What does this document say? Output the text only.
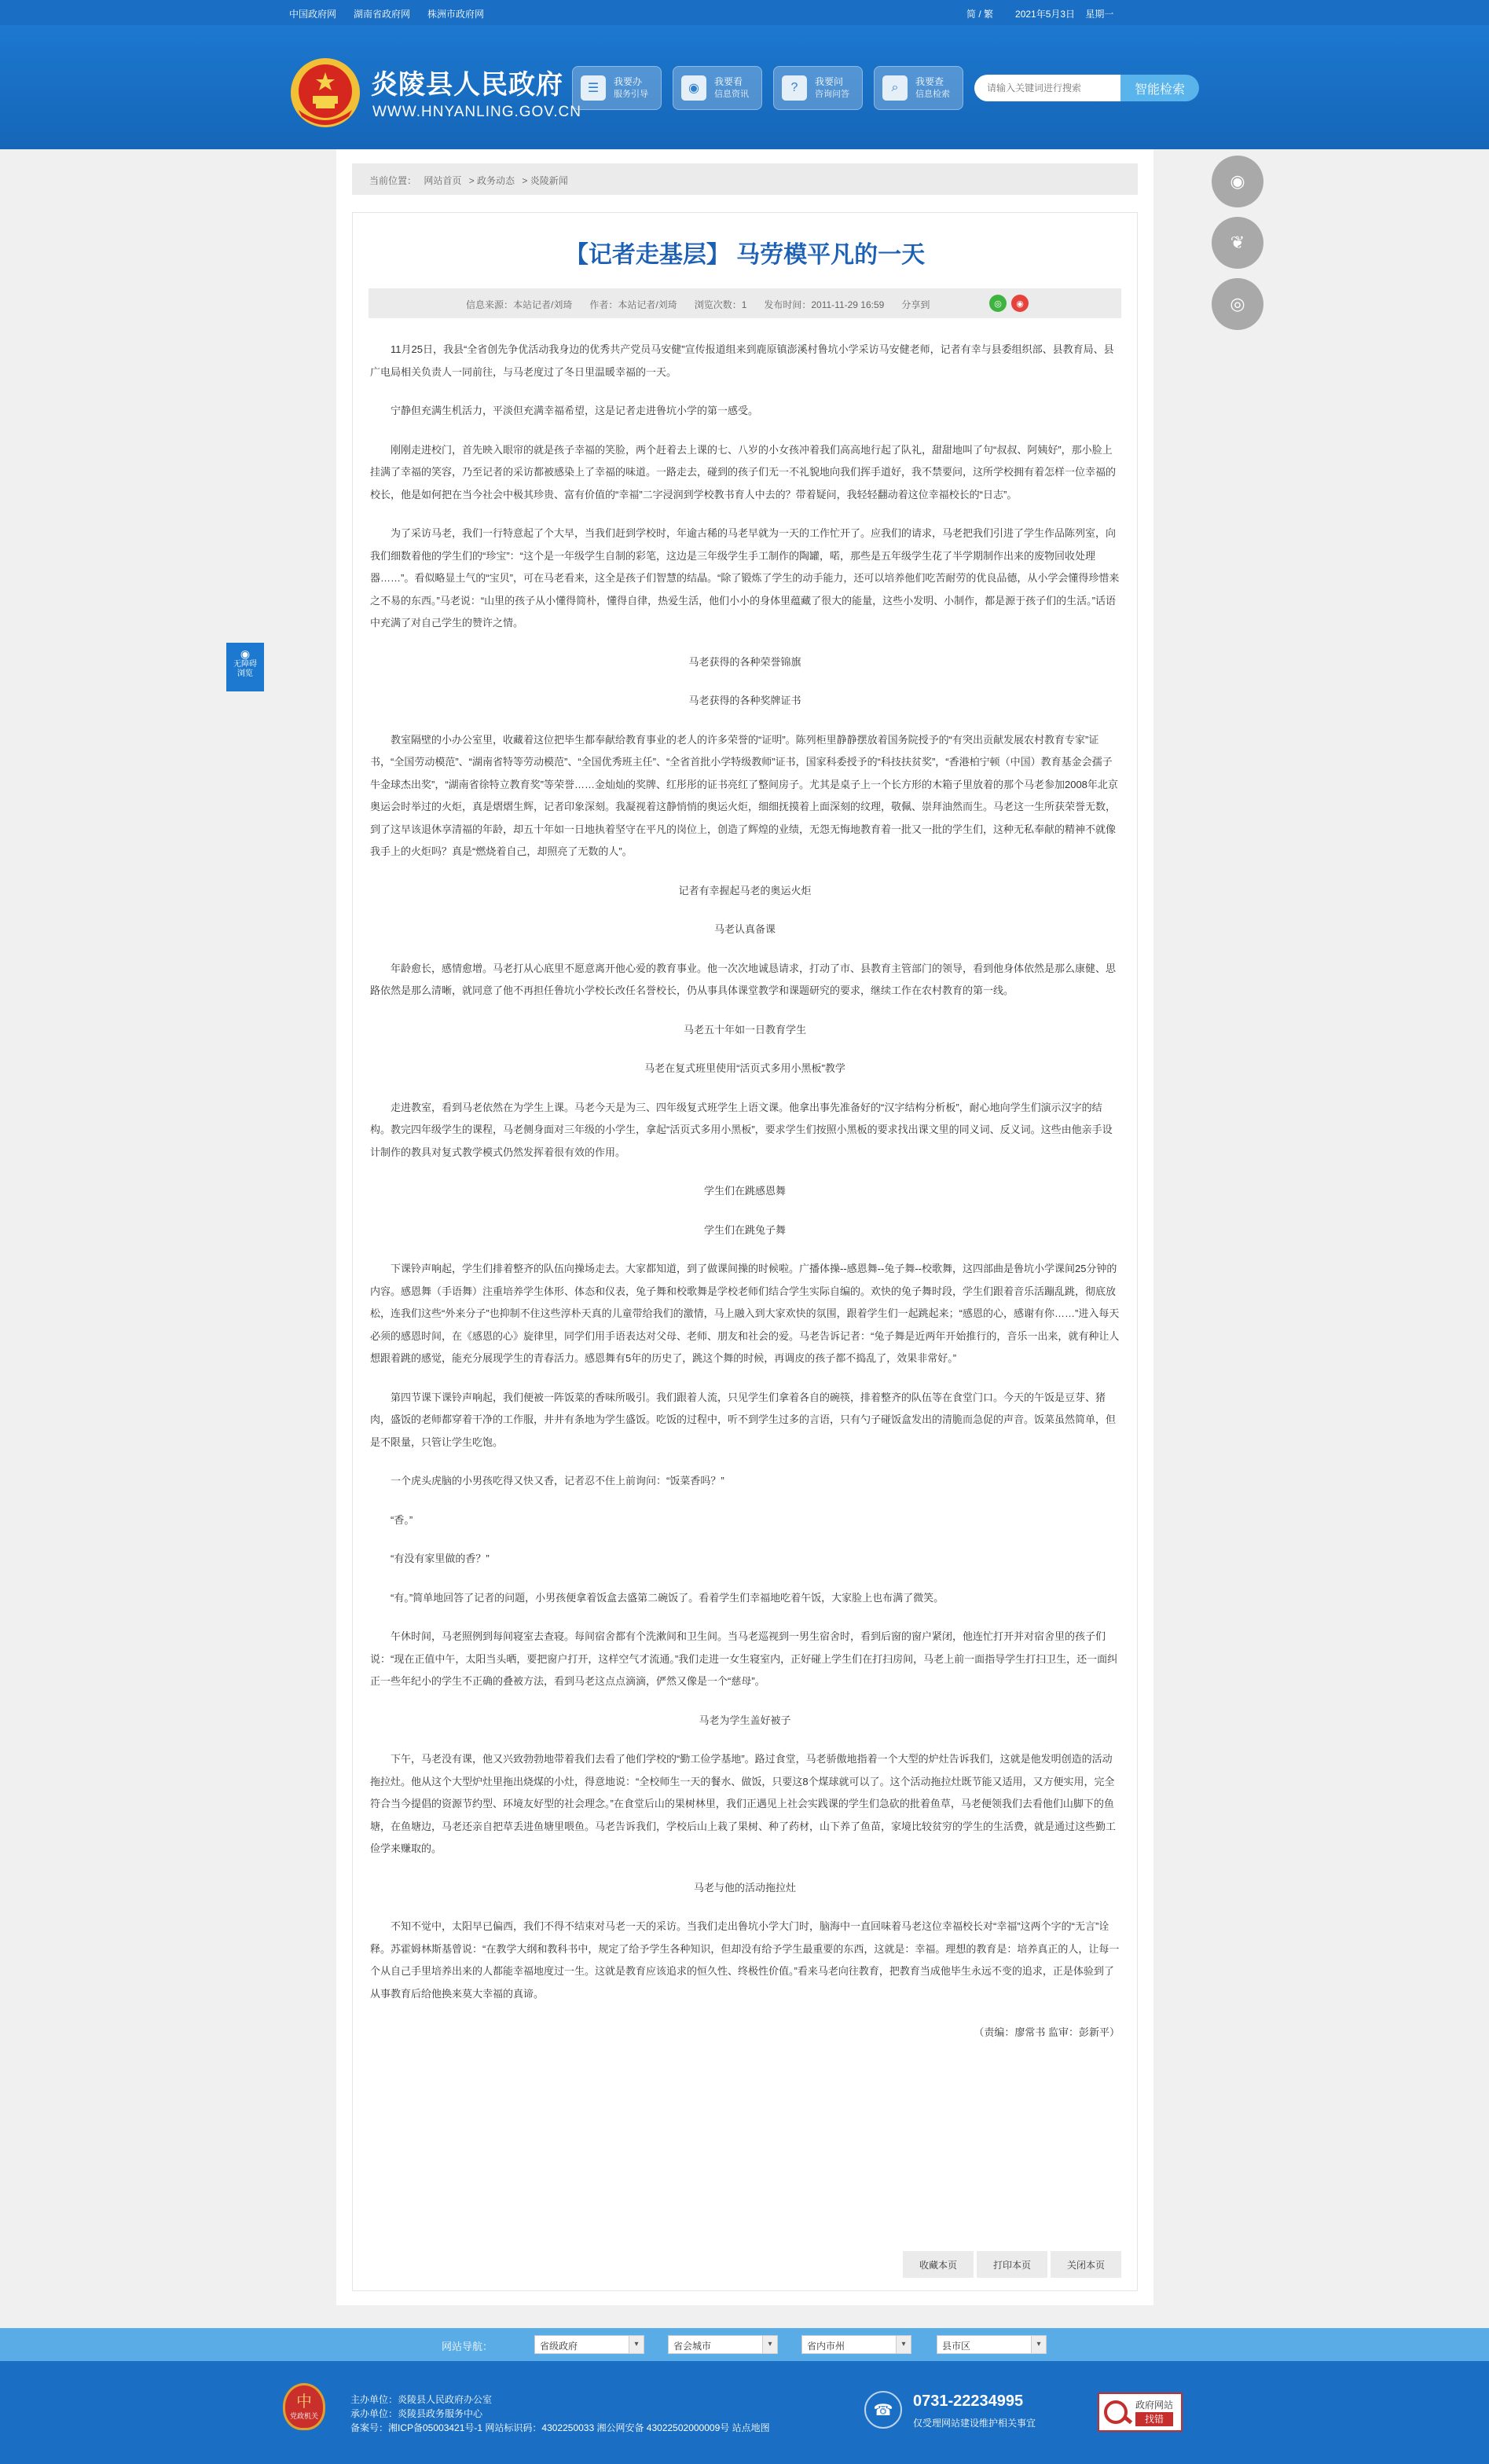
中国政府网 湖南省政府网 株洲市政府网	简 / 繁 2021年5月3日 星期一
炎陵县人民政府
WWW.HNYANLING.GOV.CN
☰	我要办
服务引导	◉	我要看
信息资讯	?	我要问
咨询问答	⌕	我要查
信息检索
请输入关键词进行搜索	智能检索
当前位置： 网站首页 > 政务动态 > 炎陵新闻
【记者走基层】 马劳模平凡的一天
信息来源：本站记者/刘琦 作者：本站记者/刘琦 浏览次数：1 发布时间：2011-11-29 16:59 分享到	◎	◉

11月25日，我县“全省创先争优活动我身边的优秀共产党员马安健”宣传报道组来到鹿原镇澎溪村鲁坑小学采访马安健老师，记者有幸与县委组织部、县教育局、县广电局相关负责人一同前往，与马老度过了冬日里温暖幸福的一天。

宁静但充满生机活力，平淡但充满幸福希望，这是记者走进鲁坑小学的第一感受。

刚刚走进校门，首先映入眼帘的就是孩子幸福的笑脸，两个赶着去上课的七、八岁的小女孩冲着我们高高地行起了队礼，甜甜地叫了句“叔叔、阿姨好”，那小脸上挂满了幸福的笑容，乃至记者的采访都被感染上了幸福的味道。一路走去，碰到的孩子们无一不礼貌地向我们挥手道好，我不禁要问，这所学校拥有着怎样一位幸福的校长，他是如何把在当今社会中极其珍贵、富有价值的“幸福”二字浸润到学校教书育人中去的？带着疑问，我轻轻翻动着这位幸福校长的“日志”。

为了采访马老，我们一行特意起了个大早，当我们赶到学校时，年逾古稀的马老早就为一天的工作忙开了。应我们的请求，马老把我们引进了学生作品陈列室，向我们细数着他的学生们的“珍宝”：“这个是一年级学生自制的彩笔，这边是三年级学生手工制作的陶罐，喏，那些是五年级学生花了半学期制作出来的废物回收处理器……”。看似略显土气的“宝贝”，可在马老看来，这全是孩子们智慧的结晶。“除了锻炼了学生的动手能力，还可以培养他们吃苦耐劳的优良品德，从小学会懂得珍惜来之不易的东西。”马老说：“山里的孩子从小懂得简朴，懂得自律，热爱生活，他们小小的身体里蕴藏了很大的能量，这些小发明、小制作，都是源于孩子们的生活。”话语中充满了对自己学生的赞许之情。

马老获得的各种荣誉锦旗

马老获得的各种奖牌证书

教室隔壁的小办公室里，收藏着这位把毕生都奉献给教育事业的老人的许多荣誉的“证明”。陈列柜里静静摆放着国务院授予的“有突出贡献发展农村教育专家”证书，“全国劳动模范”、“湖南省特等劳动模范”、“全国优秀班主任”、“全省首批小学特级教师”证书，国家科委授予的“科技扶贫奖”，“香港柏宁顿（中国）教育基金会孺子牛金球杰出奖”，“湖南省徐特立教育奖”等荣誉……金灿灿的奖牌、红彤彤的证书亮红了整间房子。尤其是桌子上一个长方形的木箱子里放着的那个马老参加2008年北京奥运会时举过的火炬，真是熠熠生辉，记者印象深刻。我凝视着这静悄悄的奥运火炬，细细抚摸着上面深刻的纹理，敬佩、崇拜油然而生。马老这一生所获荣誉无数，到了这早该退休享清福的年龄，却五十年如一日地执着坚守在平凡的岗位上，创造了辉煌的业绩，无怨无悔地教育着一批又一批的学生们，这种无私奉献的精神不就像我手上的火炬吗？真是“燃烧着自己，却照亮了无数的人”。

记者有幸握起马老的奥运火炬

马老认真备课

年龄愈长，感情愈增。马老打从心底里不愿意离开他心爱的教育事业。他一次次地诚恳请求，打动了市、县教育主管部门的领导，看到他身体依然是那么康健、思路依然是那么清晰，就同意了他不再担任鲁坑小学校长改任名誉校长，仍从事具体课堂教学和课题研究的要求，继续工作在农村教育的第一线。

马老五十年如一日教育学生

马老在复式班里使用“活页式多用小黑板”教学

走进教室，看到马老依然在为学生上课。马老今天是为三、四年级复式班学生上语文课。他拿出事先准备好的“汉字结构分析板”，耐心地向学生们演示汉字的结构。教完四年级学生的课程，马老侧身面对三年级的小学生，拿起“活页式多用小黑板”，要求学生们按照小黑板的要求找出课文里的同义词、反义词。这些由他亲手设计制作的教具对复式教学模式仍然发挥着很有效的作用。

学生们在跳感恩舞

学生们在跳兔子舞

下课铃声响起，学生们排着整齐的队伍向操场走去。大家都知道，到了做课间操的时候啦。广播体操--感恩舞--兔子舞--校歌舞，这四部曲是鲁坑小学课间25分钟的内容。感恩舞（手语舞）注重培养学生体形、体态和仪表，兔子舞和校歌舞是学校老师们结合学生实际自编的。欢快的兔子舞时段，学生们跟着音乐活蹦乱跳，彻底放松，连我们这些“外来分子”也抑制不住这些淳朴天真的儿童带给我们的激情，马上融入到大家欢快的氛围，跟着学生们一起跳起来；“感恩的心，感谢有你……”进入每天必须的感恩时间，在《感恩的心》旋律里，同学们用手语表达对父母、老师、朋友和社会的爱。马老告诉记者：“兔子舞是近两年开始推行的，音乐一出来，就有种让人想跟着跳的感觉，能充分展现学生的青春活力。感恩舞有5年的历史了，跳这个舞的时候，再调皮的孩子都不捣乱了，效果非常好。”

第四节课下课铃声响起，我们便被一阵饭菜的香味所吸引。我们跟着人流，只见学生们拿着各自的碗筷，排着整齐的队伍等在食堂门口。今天的午饭是豆芽、猪肉，盛饭的老师都穿着干净的工作服，井井有条地为学生盛饭。吃饭的过程中，听不到学生过多的言语，只有勺子碰饭盒发出的清脆而急促的声音。饭菜虽然简单，但是不限量，只管让学生吃饱。

一个虎头虎脑的小男孩吃得又快又香，记者忍不住上前询问：“饭菜香吗？”

“香。”

“有没有家里做的香？”

“有。”简单地回答了记者的问题，小男孩便拿着饭盒去盛第二碗饭了。看着学生们幸福地吃着午饭，大家脸上也布满了微笑。

午休时间，马老照例到每间寝室去查寝。每间宿舍都有个洗漱间和卫生间。当马老巡视到一男生宿舍时，看到后窗的窗户紧闭，他连忙打开并对宿舍里的孩子们说：“现在正值中午，太阳当头晒，要把窗户打开，这样空气才流通。”我们走进一女生寝室内，正好碰上学生们在打扫房间，马老上前一面指导学生打扫卫生，还一面纠正一些年纪小的学生不正确的叠被方法，看到马老这点点滴滴，俨然又像是一个“慈母”。

马老为学生盖好被子

下午，马老没有课，他又兴致勃勃地带着我们去看了他们学校的“勤工俭学基地”。路过食堂，马老骄傲地指着一个大型的炉灶告诉我们，这就是他发明创造的活动拖拉灶。他从这个大型炉灶里拖出烧煤的小灶，得意地说：“全校师生一天的餐水、做饭，只要这8个煤球就可以了。这个活动拖拉灶既节能又适用，又方便实用，完全符合当今提倡的资源节约型、环境友好型的社会理念。”在食堂后山的果树林里，我们正遇见上社会实践课的学生们急砍的批着鱼草，马老便领我们去看他们山脚下的鱼塘，在鱼塘边，马老还亲自把草丢进鱼塘里喂鱼。马老告诉我们，学校后山上栽了果树、种了药材，山下养了鱼苗，家境比较贫穷的学生的生活费，就是通过这些勤工俭学来赚取的。

马老与他的活动拖拉灶

不知不觉中，太阳早已偏西，我们不得不结束对马老一天的采访。当我们走出鲁坑小学大门时，脑海中一直回味着马老这位幸福校长对“幸福”这两个字的“无言”诠释。苏霍姆林斯基曾说：“在教学大纲和教科书中，规定了给予学生各种知识，但却没有给予学生最重要的东西，这就是：幸福。理想的教育是：培养真正的人，让每一个从自己手里培养出来的人都能幸福地度过一生。这就是教育应该追求的恒久性、终极性价值。”看来马老向往教育，把教育当成他毕生永远不变的追求，正是体验到了从事教育后给他换来莫大幸福的真谛。

（责编：廖常书 监审：彭新平）

收藏本页	打印本页	关闭本页
◉
无障碍
浏览
◉
❦
◎
网站导航：	省级政府 ▾	省会城市 ▾	省内市州 ▾	县市区 ▾
中
党政机关
主办单位：炎陵县人民政府办公室
承办单位：炎陵县政务服务中心
备案号：湘ICP备05003421号-1 网站标识码：4302250033 湘公网安备 43022502000009号 站点地图
☎
0731-22234995
仅受理网站建设维护相关事宜
政府网站
找错
